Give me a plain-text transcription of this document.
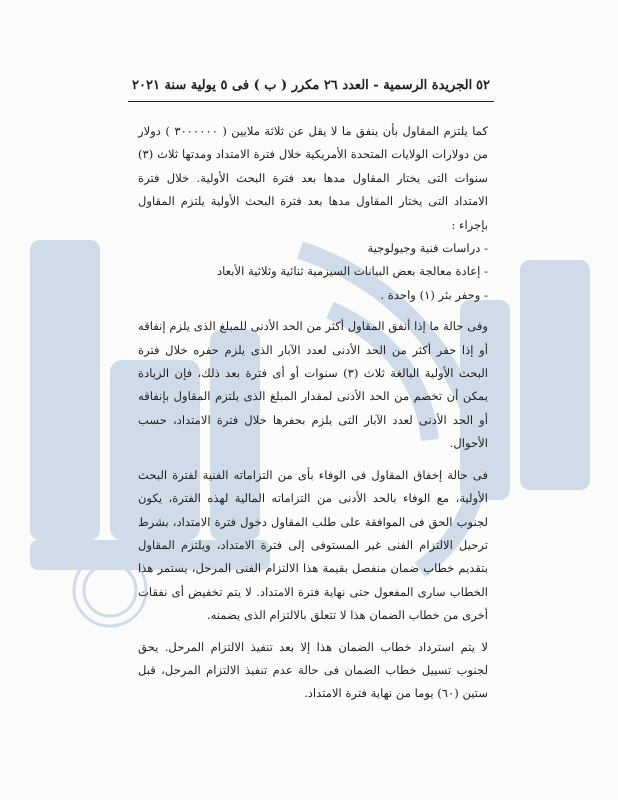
٥٢
الجريدة الرسمية - العدد ٢٦ مكرر ( ب ) فى ٥ يولية سنة ٢٠٢١

كما يلتزم المقاول بأن ينفق ما لا يقل عن ثلاثة ملايين ( ٣٠٠٠٠٠٠ ) دولار من دولارات الولايات المتحدة الأمريكية خلال فترة الامتداد ومدتها ثلاث (٣) سنوات التى يختار المقاول مدها بعد فترة البحث الأولية. خلال فترة الامتداد التى يختار المقاول مدها بعد فترة البحث الأولية يلتزم المقاول بإجراء :

- دراسات فنية وجيولوجية

- إعادة معالجة بعض البيانات السيزمية ثنائية وثلاثية الأبعاد

- وحفر بئر (١) واحدة .

وفى حالة ما إذا أنفق المقاول أكثر من الحد الأدنى للمبلغ الذى يلزم إنفاقه أو إذا حفر أكثر من الحد الأدنى لعدد الآبار الذى يلزم حفره خلال فترة البحث الأولية البالغة ثلاث (٣) سنوات أو أى فترة بعد ذلك، فإن الزيادة يمكن أن تخصم من الحد الأدنى لمقدار المبلغ الذى يلتزم المقاول بإنفاقه أو الحد الأدنى لعدد الآبار التى يلزم بحفرها خلال فترة الامتداد، حسب الأحوال.

فى حالة إخفاق المقاول فى الوفاء بأى من التزاماته الفنية لفترة البحث الأولية، مع الوفاء بالحد الأدنى من التزاماته المالية لهذه الفترة، يكون لجنوب الحق فى الموافقة على طلب المقاول دخول فترة الامتداد، بشرط ترحيل الالتزام الفنى غير المستوفى إلى فترة الامتداد، ويلتزم المقاول بتقديم خطاب ضمان منفصل بقيمة هذا الالتزام الفنى المرحل، يستمر هذا الخطاب سارى المفعول حتى نهاية فترة الامتداد. لا يتم تخفيض أى نفقات أخرى من خطاب الضمان هذا لا تتعلق بالالتزام الذى يضمنه.

لا يتم استرداد خطاب الضمان هذا إلا بعد تنفيذ الالتزام المرحل. يحق لجنوب تسييل خطاب الضمان فى حالة عدم تنفيذ الالتزام المرحل، قبل ستين (٦٠) يوما من نهاية فترة الامتداد.
